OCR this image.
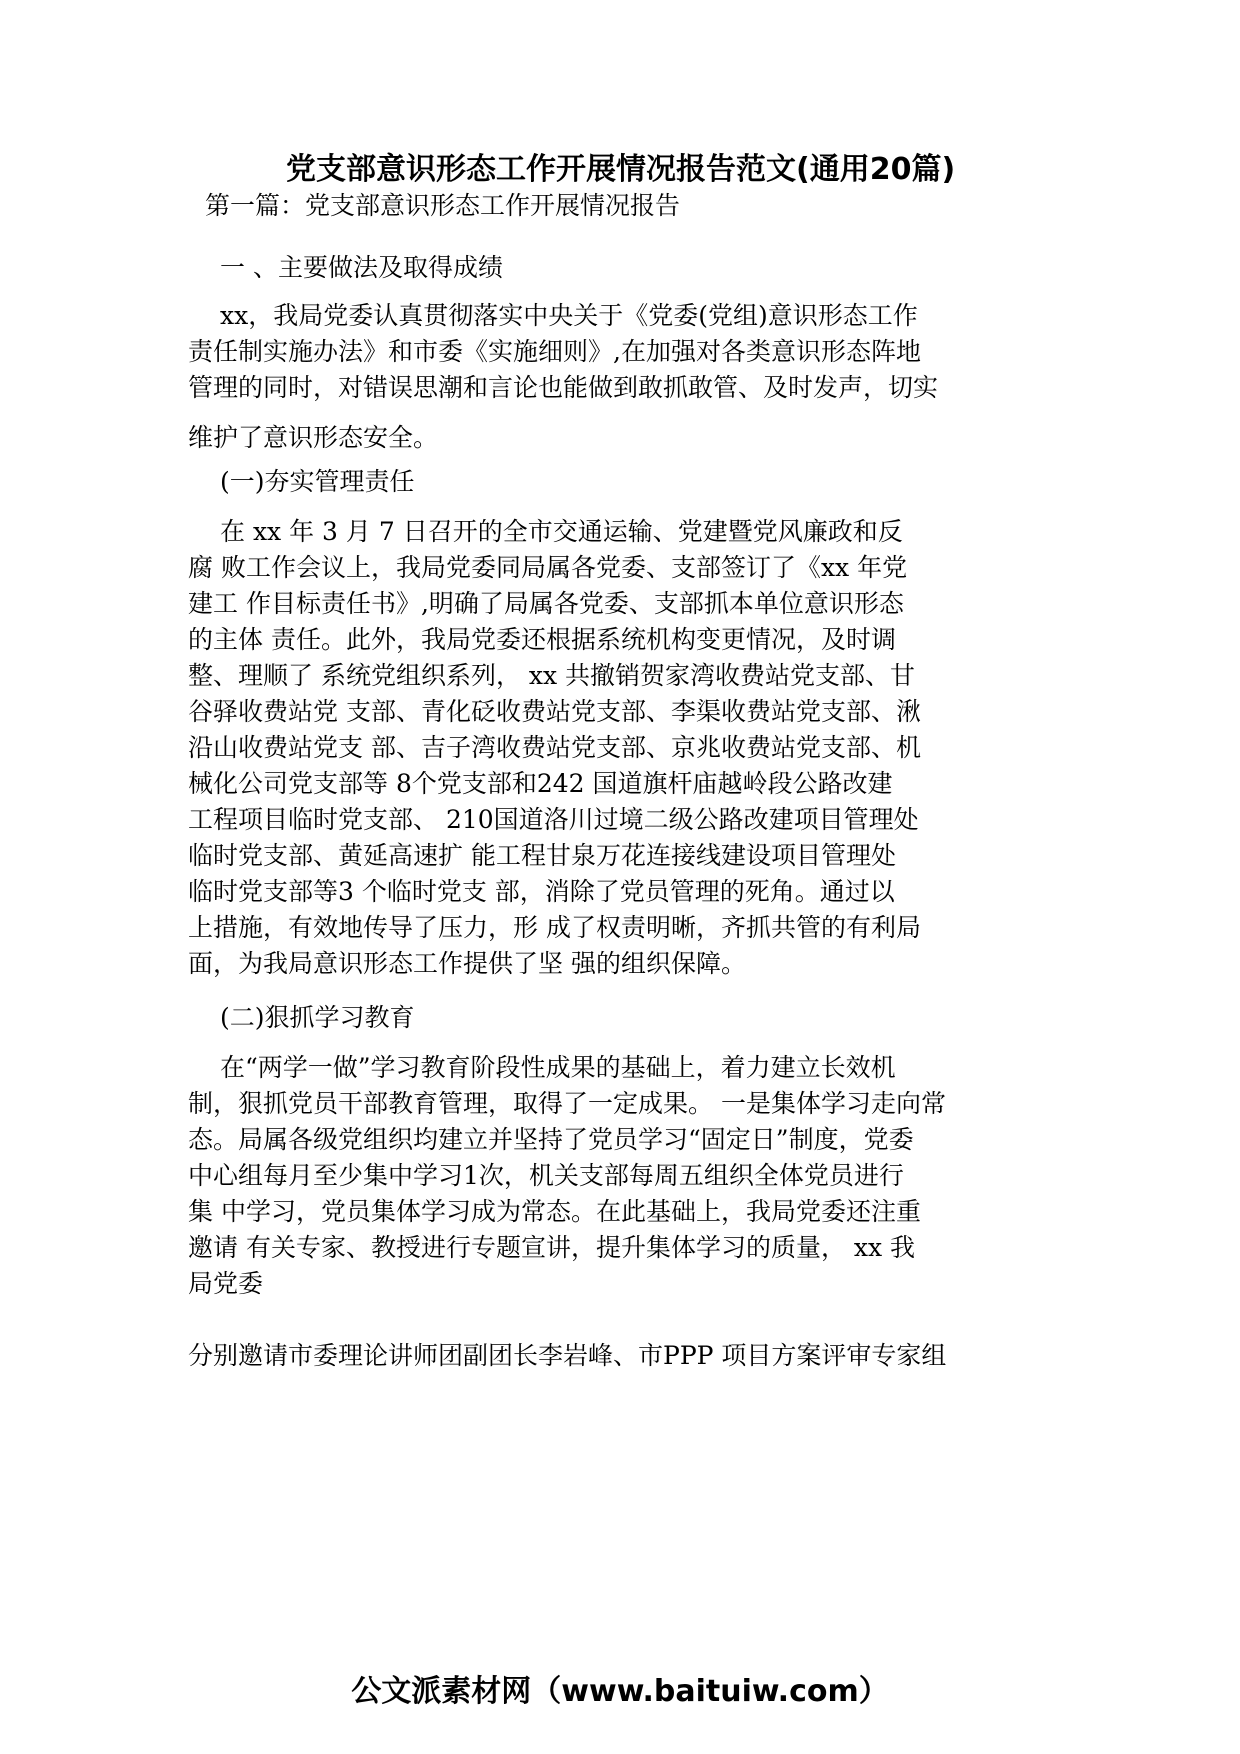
党支部意识形态工作开展情况报告范文(通用20篇)
第一篇：党支部意识形态工作开展情况报告
一 、主要做法及取得成绩
xx，我局党委认真贯彻落实中央关于《党委(党组)意识形态工作
责任制实施办法》和市委《实施细则》,在加强对各类意识形态阵地
管理的同时，对错误思潮和言论也能做到敢抓敢管、及时发声，切实
维护了意识形态安全。
(一)夯实管理责任
在 xx 年 3 月 7 日召开的全市交通运输、党建暨党风廉政和反
腐 败工作会议上，我局党委同局属各党委、支部签订了《xx 年党
建工 作目标责任书》,明确了局属各党委、支部抓本单位意识形态
的主体 责任。此外，我局党委还根据系统机构变更情况，及时调
整、理顺了 系统党组织系列， xx 共撤销贺家湾收费站党支部、甘
谷驿收费站党 支部、青化砭收费站党支部、李渠收费站党支部、湫
沿山收费站党支 部、吉子湾收费站党支部、京兆收费站党支部、机
械化公司党支部等 8个党支部和242 国道旗杆庙越岭段公路改建
工程项目临时党支部、 210国道洛川过境二级公路改建项目管理处
临时党支部、黄延高速扩 能工程甘泉万花连接线建设项目管理处
临时党支部等3 个临时党支 部，消除了党员管理的死角。通过以
上措施，有效地传导了压力，形 成了权责明晰，齐抓共管的有利局
面，为我局意识形态工作提供了坚 强的组织保障。
(二)狠抓学习教育
在“两学一做”学习教育阶段性成果的基础上，着力建立长效机
制，狠抓党员干部教育管理，取得了一定成果。 一是集体学习走向常
态。局属各级党组织均建立并坚持了党员学习“固定日”制度，党委
中心组每月至少集中学习1次，机关支部每周五组织全体党员进行
集 中学习，党员集体学习成为常态。在此基础上，我局党委还注重
邀请 有关专家、教授进行专题宣讲，提升集体学习的质量， xx 我
局党委
分别邀请市委理论讲师团副团长李岩峰、市PPP 项目方案评审专家组
公文派素材网（www.baituiw.com）
